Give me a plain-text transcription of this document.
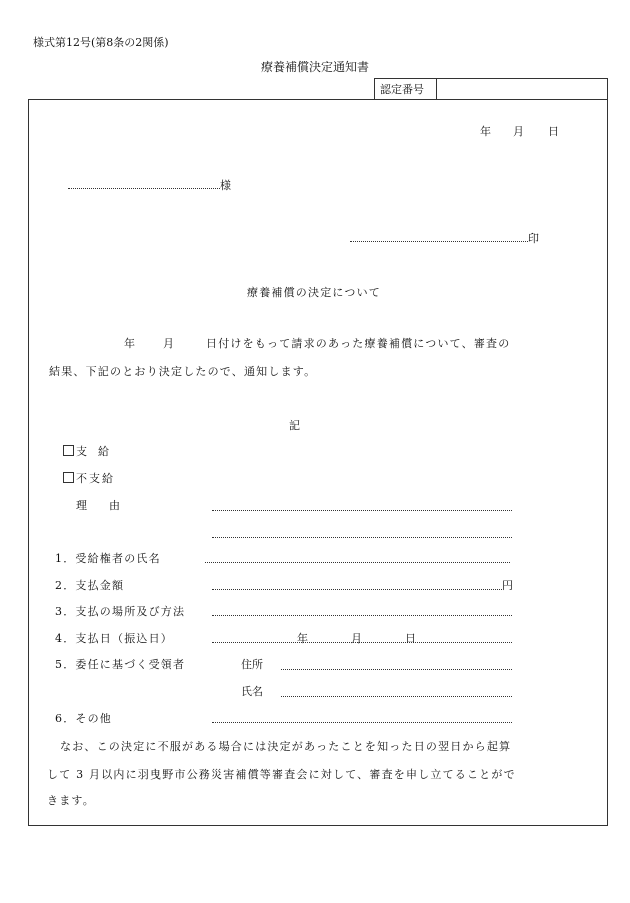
様式第12号(第8条の2関係)
療養補償決定通知書
認定番号
年 月 日
様
印
療養補償の決定について
年	月	日付けをもって請求のあった療養補償について、審査の
結果、下記のとおり決定したので、通知します。
記
支　給
不支給
理　　由
1．受給権者の氏名
2．支払金額	円
3．支払の場所及び方法
4．支払日（振込日）	年	月	日
5．委任に基づく受領者	住所
氏名
6．その他
なお、この決定に不服がある場合には決定があったことを知った日の翌日から起算
して 3 月以内に羽曳野市公務災害補償等審査会に対して、審査を申し立てることがで
きます。
